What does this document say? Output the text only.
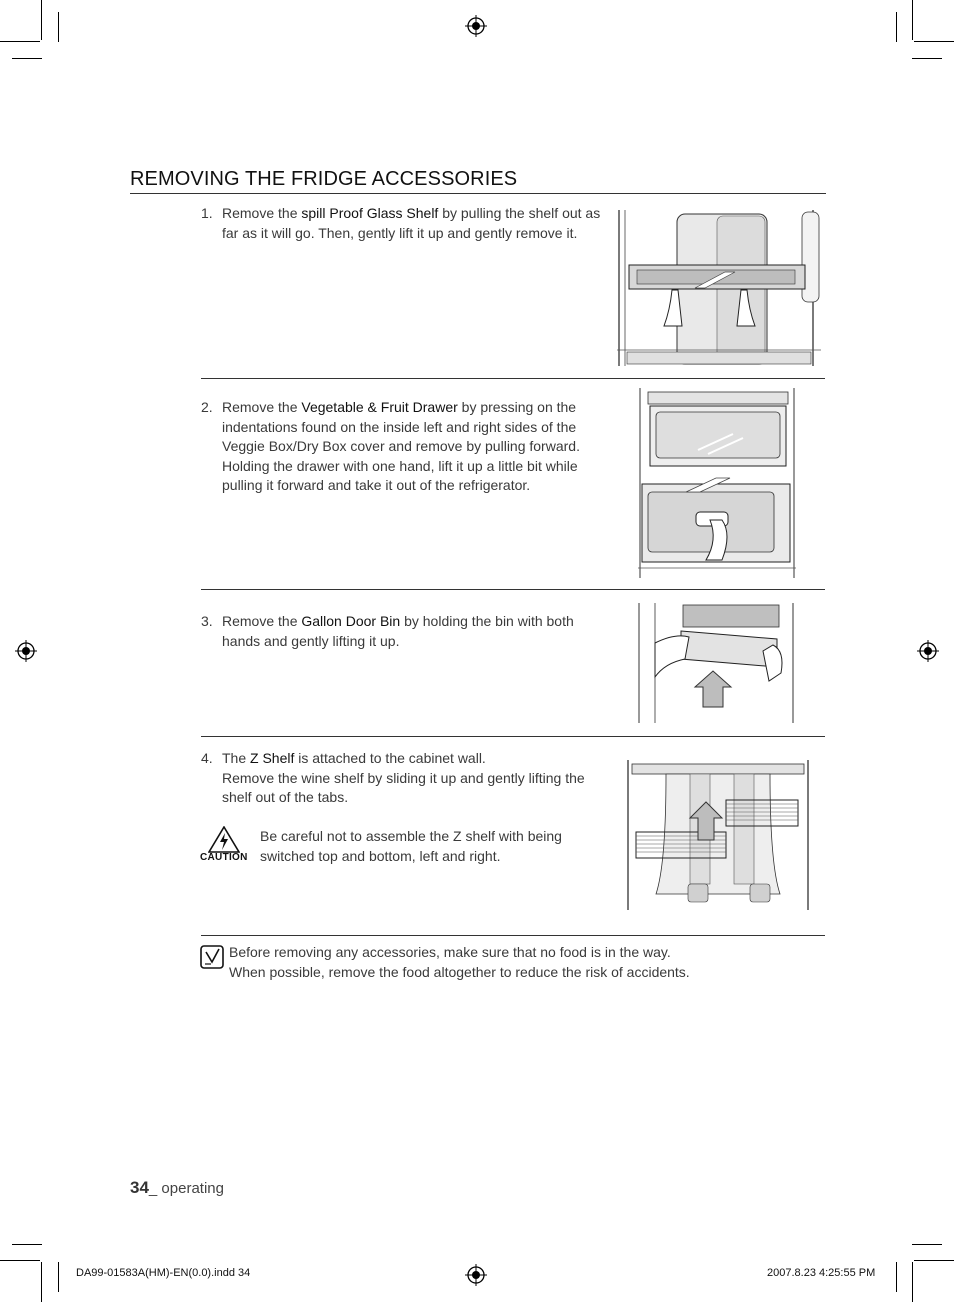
REMOVING THE FRIDGE ACCESSORIES
1. Remove the spill Proof Glass Shelf by pulling the shelf out as
far as it will go. Then, gently lift it up and gently remove it.
2. Remove the Vegetable & Fruit Drawer by pressing on the
indentations found on the inside left and right sides of the
Veggie Box/Dry Box cover and remove by pulling forward.
Holding the drawer with one hand, lift it up a little bit while
pulling it forward and take it out of the refrigerator.
3. Remove the Gallon Door Bin by holding the bin with both
hands and gently lifting it up.
4. The Z Shelf is attached to the cabinet wall.
Remove the wine shelf by sliding it up and gently lifting the
shelf out of the tabs.
CAUTION
Be careful not to assemble the Z shelf with being
switched top and bottom, left and right.
Before removing any accessories, make sure that no food is in the way.
When possible, remove the food altogether to reduce the risk of accidents.
34_ operating
DA99-01583A(HM)-EN(0.0).indd 34	2007.8.23 4:25:55 PM
